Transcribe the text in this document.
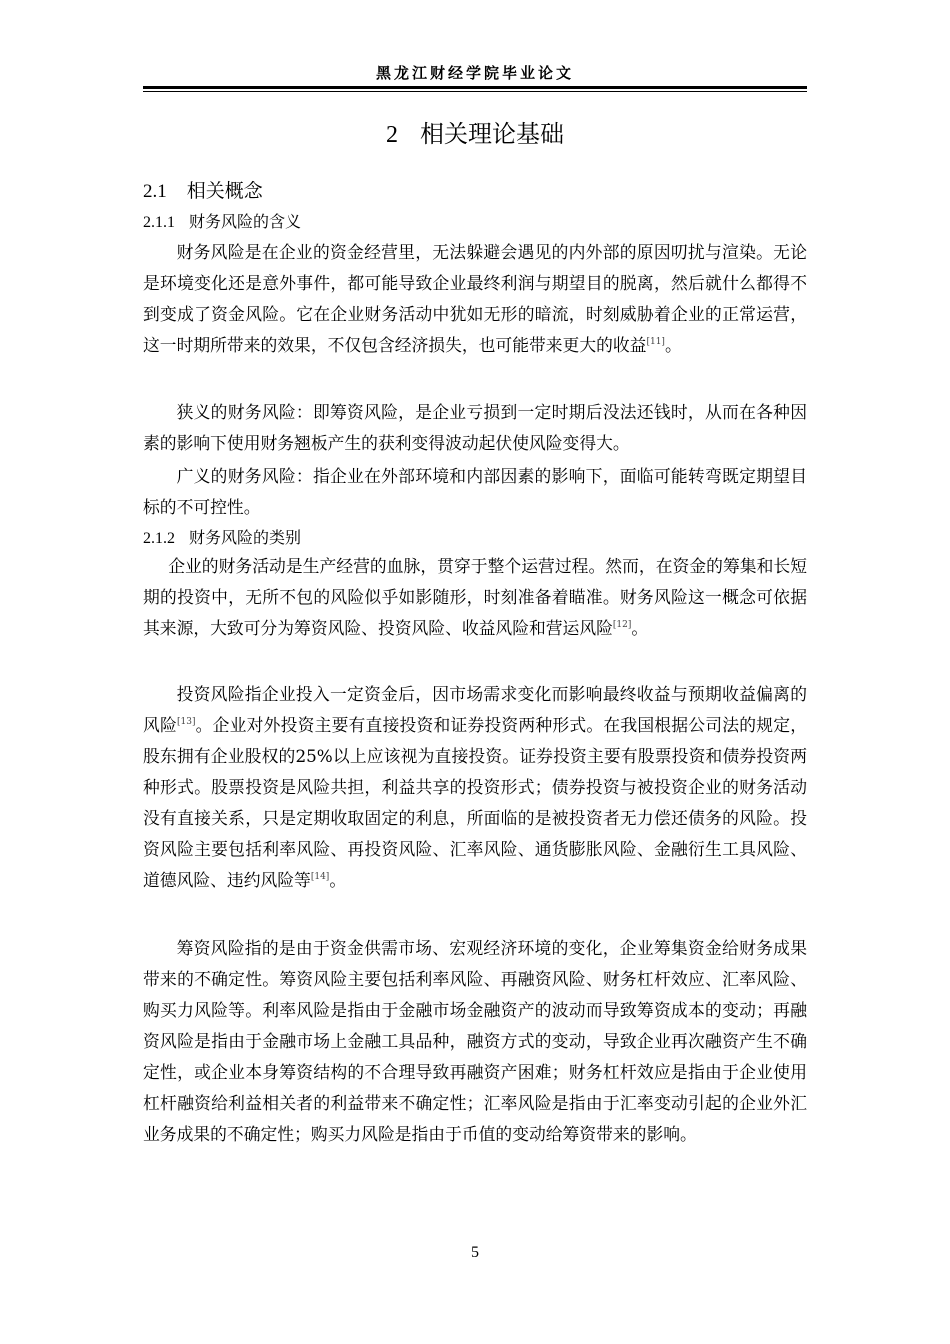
黑龙江财经学院毕业论文
2 相关理论基础
2.1 相关概念
2.1.1 财务风险的含义

财务风险是在企业的资金经营里，无法躲避会遇见的内外部的原因叨扰与渲染。无论是环境变化还是意外事件，都可能导致企业最终利润与期望目的脱离，然后就什么都得不到变成了资金风险。它在企业财务活动中犹如无形的暗流，时刻威胁着企业的正常运营，这一时期所带来的效果，不仅包含经济损失，也可能带来更大的收益[11]。

狭义的财务风险：即筹资风险，是企业亏损到一定时期后没法还钱时，从而在各种因素的影响下使用财务翘板产生的获利变得波动起伏使风险变得大。

广义的财务风险：指企业在外部环境和内部因素的影响下，面临可能转弯既定期望目标的不可控性。

2.1.2 财务风险的类别

企业的财务活动是生产经营的血脉，贯穿于整个运营过程。然而，在资金的筹集和长短期的投资中，无所不包的风险似乎如影随形，时刻准备着瞄准。财务风险这一概念可依据其来源，大致可分为筹资风险、投资风险、收益风险和营运风险[12]。

投资风险指企业投入一定资金后，因市场需求变化而影响最终收益与预期收益偏离的风险[13]。企业对外投资主要有直接投资和证券投资两种形式。在我国根据公司法的规定，股东拥有企业股权的25%以上应该视为直接投资。证券投资主要有股票投资和债券投资两种形式。股票投资是风险共担，利益共享的投资形式；债券投资与被投资企业的财务活动没有直接关系，只是定期收取固定的利息，所面临的是被投资者无力偿还债务的风险。投资风险主要包括利率风险、再投资风险、汇率风险、通货膨胀风险、金融衍生工具风险、道德风险、违约风险等[14]。

筹资风险指的是由于资金供需市场、宏观经济环境的变化，企业筹集资金给财务成果带来的不确定性。筹资风险主要包括利率风险、再融资风险、财务杠杆效应、汇率风险、购买力风险等。利率风险是指由于金融市场金融资产的波动而导致筹资成本的变动；再融资风险是指由于金融市场上金融工具品种，融资方式的变动，导致企业再次融资产生不确定性，或企业本身筹资结构的不合理导致再融资产困难；财务杠杆效应是指由于企业使用杠杆融资给利益相关者的利益带来不确定性；汇率风险是指由于汇率变动引起的企业外汇业务成果的不确定性；购买力风险是指由于币值的变动给筹资带来的影响。

5
